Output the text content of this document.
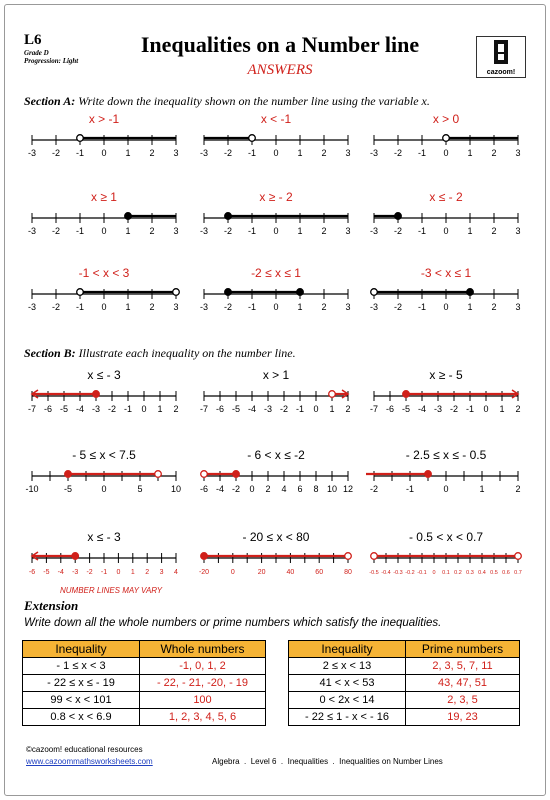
L6
Grade D
Progression: Light
Inequalities on a Number line
ANSWERS	cazoom!
Section A: Write down the inequality shown on the number line using the variable x.
x > -1
-3 -2 -1 0 1 2 3
x < -1
-3 -2 -1 0 1 2 3
x > 0
-3 -2 -1 0 1 2 3
x ≥ 1
-3 -2 -1 0 1 2 3
x ≥ - 2
-3 -2 -1 0 1 2 3
x ≤ - 2
-3 -2 -1 0 1 2 3
-1 < x < 3
-3 -2 -1 0 1 2 3
-2 ≤ x ≤ 1
-3 -2 -1 0 1 2 3
-3 < x ≤ 1
-3 -2 -1 0 1 2 3
Section B: Illustrate each inequality on the number line.
x ≤ - 3
-7 -6 -5 -4 -3 -2 -1 0 1 2
x > 1
-7 -6 -5 -4 -3 -2 -1 0 1 2
x ≥ - 5
-7 -6 -5 -4 -3 -2 -1 0 1 2
- 5 ≤ x < 7.5
-10	-5	0	5	10
- 6 < x ≤ -2
-6 -4 -2 0 2 4 6 8 10 12
- 2.5 ≤ x ≤ - 0.5
-2	-1	0	1	2
x ≤ - 3
-6 -5 -4 -3 -2 -1 0 1 2 3 4
- 20 ≤ x < 80
-20	0	20	40	60	80
- 0.5 < x < 0.7
-0.5 -0.4 -0.3 -0.2 -0.1 0 0.1 0.2 0.3 0.4 0.5 0.6 0.7
NUMBER LINES MAY VARY
Extension
Write down all the whole numbers or prime numbers which satisfy the inequalities.
Inequality	Whole numbers
- 1 ≤ x < 3	-1, 0, 1, 2
- 22 ≤ x ≤ - 19	- 22, - 21, -20, - 19
99 < x < 101	100
0.8 < x < 6.9	1, 2, 3, 4, 5, 6
Inequality	Prime numbers
2 ≤ x < 13	2, 3, 5, 7, 11
41 < x < 53	43, 47, 51
0 < 2x < 14	2, 3, 5
- 22 ≤ 1 - x < - 16	19, 23
©cazoom! educational resources
www.cazoommathsworksheets.com	Algebra  .  Level 6  .  Inequalities  .  Inequalities on Number Lines
